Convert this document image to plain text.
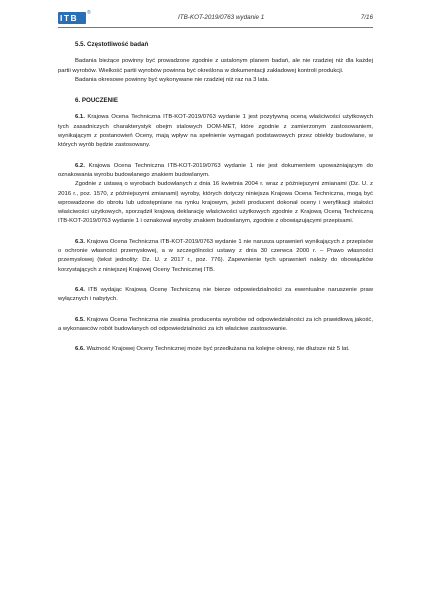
ITB ®
ITB-KOT-2019/0763 wydanie 1	7/16
5.5. Częstotliwość badań

Badania bieżące powinny być prowadzone zgodnie z ustalonym planem badań, ale nie rzadziej niż dla każdej partii wyrobów. Wielkość partii wyrobów powinna być określona w dokumentacji zakładowej kontroli produkcji.

Badania okresowe powinny być wykonywane nie rzadziej niż raz na 3 lata.

6. POUCZENIE

6.1. Krajowa Ocena Techniczna ITB-KOT-2019/0763 wydanie 1 jest pozytywną oceną właściwości użytkowych tych zasadniczych charakterystyk obejm stalowych DOM-MET, które zgodnie z zamierzonym zastosowaniem, wynikającym z postanowień Oceny, mają wpływ na spełnienie wymagań podstawowych przez obiekty budowlane, w których wyrób będzie zastosowany.

6.2. Krajowa Ocena Techniczna ITB-KOT-2019/0763 wydanie 1 nie jest dokumentem upoważniającym do oznakowania wyrobu budowlanego znakiem budowlanym.

Zgodnie z ustawą o wyrobach budowlanych z dnia 16 kwietnia 2004 r. wraz z późniejszymi zmianami (Dz. U. z 2016 r., poz. 1570, z późniejszymi zmianami) wyroby, których dotyczy niniejsza Krajowa Ocena Techniczna, mogą być wprowadzone do obrotu lub udostępniane na rynku krajowym, jeżeli producent dokonał oceny i weryfikacji stałości właściwości użytkowych, sporządził krajową deklarację właściwości użytkowych zgodnie z Krajową Oceną Techniczną ITB-KOT-2019/0763 wydanie 1 i oznakował wyroby znakiem budowlanym, zgodnie z obowiązującymi przepisami.

6.3. Krajowa Ocena Techniczna ITB-KOT-2019/0763 wydanie 1 nie narusza uprawnień wynikających z przepisów o ochronie własności przemysłowej, a w szczególności ustawy z dnia 30 czerwca 2000 r. – Prawo własności przemysłowej (tekst jednolity: Dz. U. z 2017 r., poz. 776). Zapewnienie tych uprawnień należy do obowiązków korzystających z niniejszej Krajowej Oceny Technicznej ITB.

6.4. ITB wydając Krajową Ocenę Techniczną nie bierze odpowiedzialności za ewentualne naruszenie praw wyłącznych i nabytych.

6.5. Krajowa Ocena Techniczna nie zwalnia producenta wyrobów od odpowiedzialności za ich prawidłową jakość, a wykonawców robót budowlanych od odpowiedzialności za ich właściwe zastosowanie.

6.6. Ważność Krajowej Oceny Technicznej może być przedłużana na kolejne okresy, nie dłuższe niż 5 lat.
